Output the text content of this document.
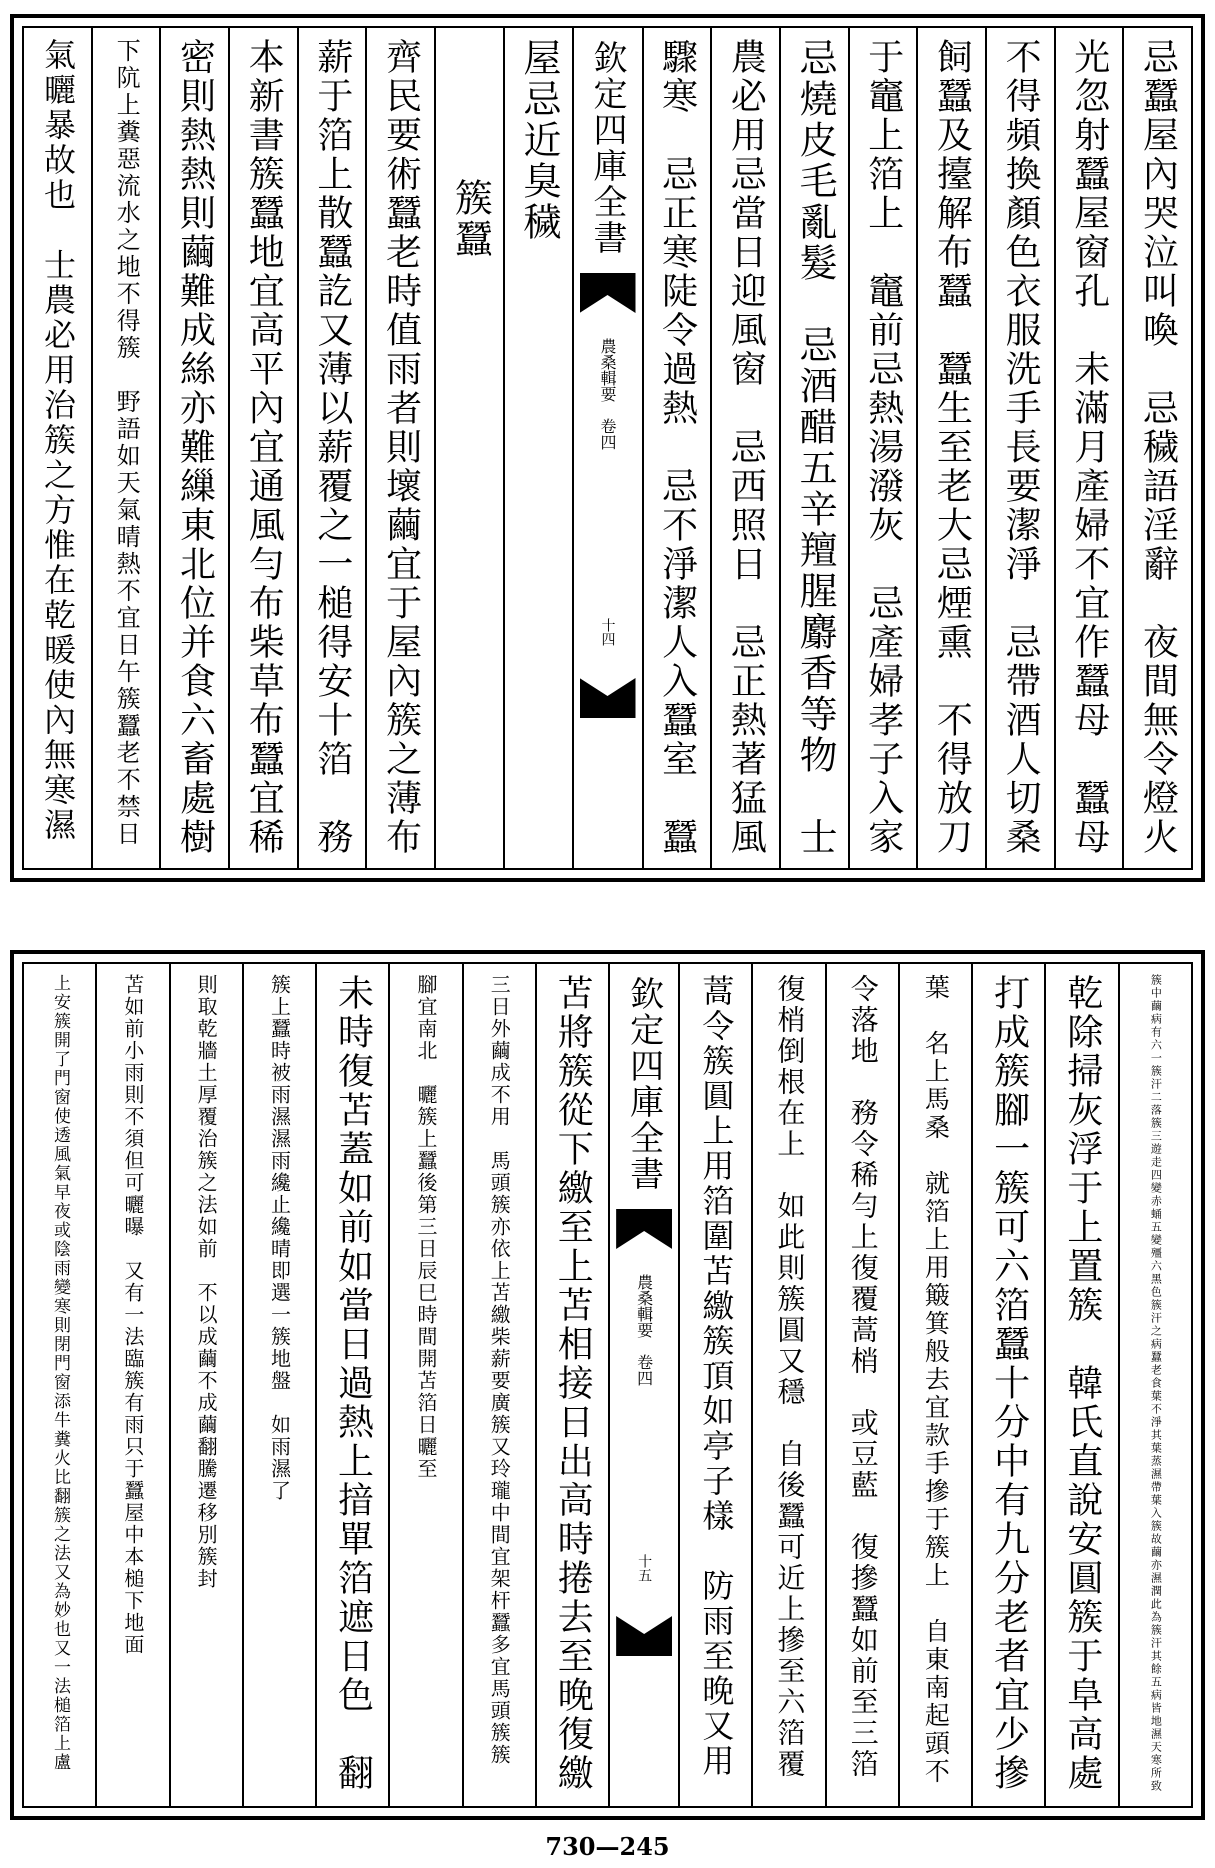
忌蠶屋內哭泣叫喚　忌穢語淫辭　夜間無令燈火
光忽射蠶屋窗孔　未滿月產婦不宜作蠶母　蠶母
不得頻換顏色衣服洗手長要潔淨　忌帶酒人切桑
飼蠶及擡解布蠶　蠶生至老大忌煙熏　不得放刀
于竈上箔上　竈前忌熱湯潑灰　忌產婦孝子入家
忌燒皮毛亂髮　忌酒醋五辛羶腥麝香等物　士
農必用忌當日迎風窗　忌西照日　忌正熱著猛風
驟寒　忌正寒陡令過熱　忌不淨潔人入蠶室　蠶
欽定四庫全書
農桑輯要　卷四
十四
屋忌近臭穢
簇蠶
齊民要術蠶老時值雨者則壞繭宜于屋內簇之薄布
薪于箔上散蠶訖又薄以薪覆之一槌得安十箔　務
本新書簇蠶地宜高平內宜通風勻布柴草布蠶宜稀
密則熱熱則繭難成絲亦難繅東北位并食六畜處樹
下阬上糞惡流水之地不得簇　野語如天氣晴熱不宜日午簇蠶老不禁日
氣曬暴故也　士農必用治簇之方惟在乾暖使內無寒濕
簇中繭病有六一簇汗二落簇三遊走四變赤蛹五變殭六黑色簇汗之病蠶老食葉不淨其葉蒸濕帶葉入簇故繭亦濕潤此為簇汗其餘五病皆地濕天寒所致
乾除掃灰浮于上置簇　韓氏直說安圓簇于阜高處
打成簇腳一簇可六箔蠶十分中有九分老者宜少摻
葉　名上馬桑　就箔上用簸箕般去宜款手摻于簇上　自東南起頭不
令落地　務令稀勻上復覆蒿梢　或豆藍　復摻蠶如前至三箔
復梢倒根在上　如此則簇圓又穩　自後蠶可近上摻至六箔覆
蒿令簇圓上用箔圍苫繳簇頂如亭子樣　防雨至晚又用
欽定四庫全書
農桑輯要　卷四
十五
苫將簇從下繳至上苫相接日出高時捲去至晚復繳
三日外繭成不用　馬頭簇亦依上苫繳柴薪要廣簇又玲瓏中間宜架杆蠶多宜馬頭簇簇
腳宜南北　曬簇上蠶後第三日辰巳時間開苫箔日曬至
未時復苫蓋如前如當日過熱上揞單箔遮日色　翻
簇上蠶時被雨濕濕雨纔止纔晴即選一簇地盤　如雨濕了
則取乾牆土厚覆治簇之法如前　不以成繭不成繭翻騰遷移別簇封
苫如前小雨則不須但可曬曝　又有一法臨簇有雨只于蠶屋中本槌下地面
上安簇開了門窗使透風氣早夜或陰雨變寒則閉門窗添牛糞火比翻簇之法又為妙也又一法槌箔上盧
730—245
